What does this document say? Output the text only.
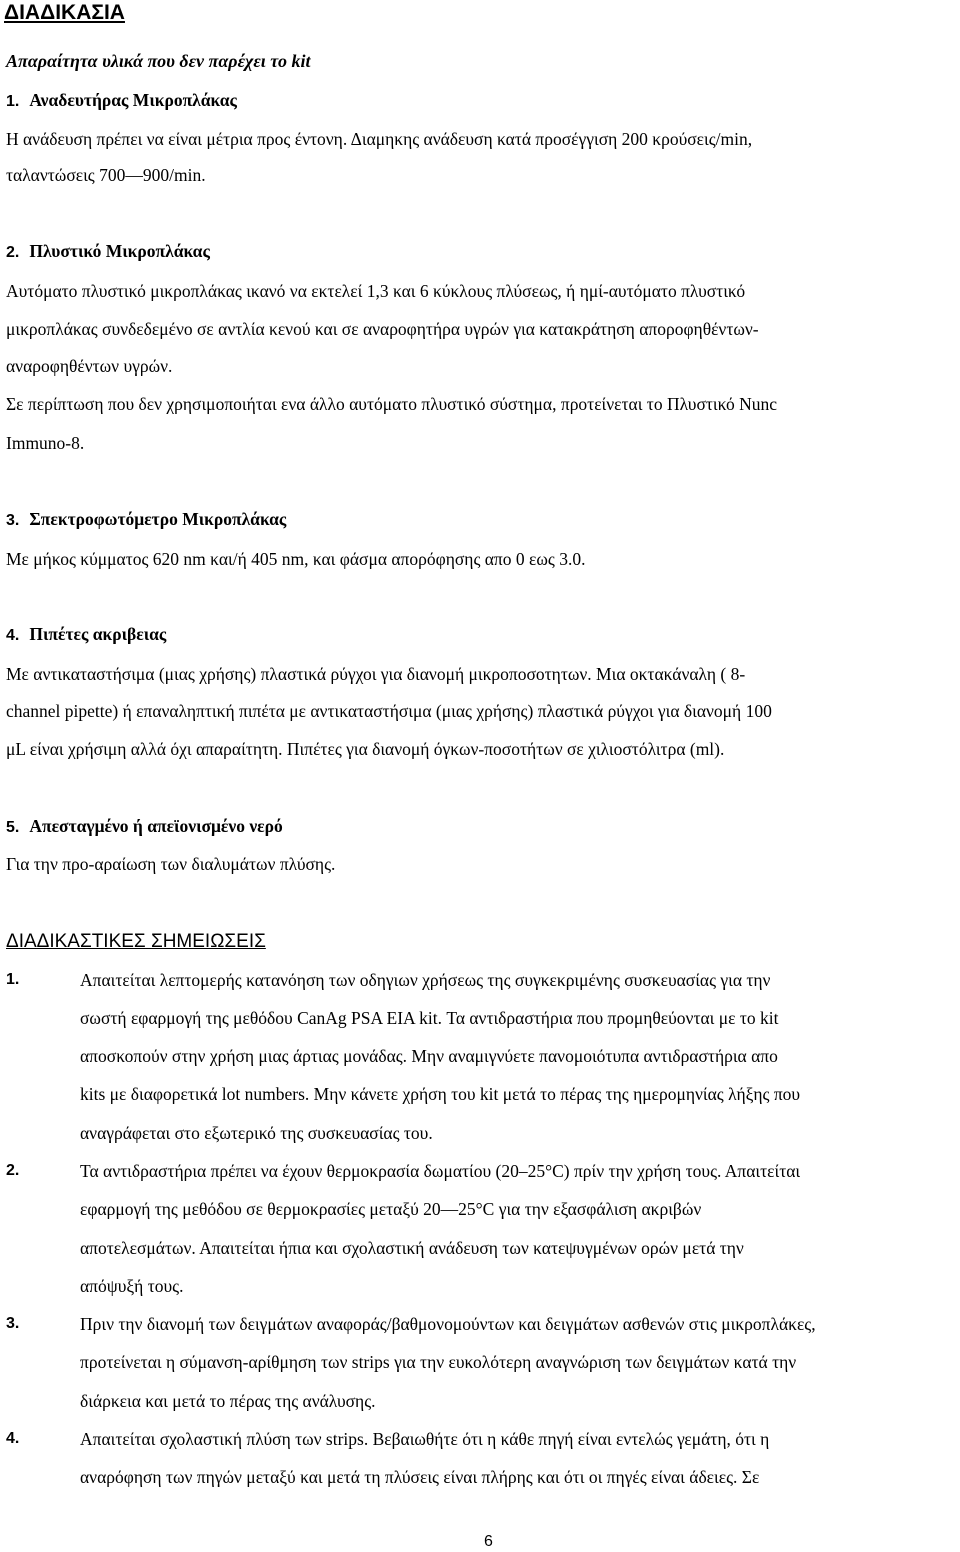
ΔΙΑΔΙΚΑΣΙΑ
Απαραίτητα υλικά που δεν παρέχει το kit
1. Αναδευτήρας Μικροπλάκας
Η ανάδευση πρέπει να είναι μέτρια προς έντονη. Διαμηκης ανάδευση κατά προσέγγιση 200 κρούσεις/min,
ταλαντώσεις 700—900/min.
2. Πλυστικό Μικροπλάκας
Αυτόματο πλυστικό μικροπλάκας ικανό να εκτελεί 1,3 και 6 κύκλους πλύσεως, ή ημί-αυτόματο πλυστικό
μικροπλάκας συνδεδεμένο σε αντλία κενού και σε αναροφητήρα υγρών για κατακράτηση αποροφηθέντων-
αναροφηθέντων υγρών.
Σε περίπτωση που δεν χρησιμοποιήται ενα άλλο αυτόματο πλυστικό σύστημα, προτείνεται το Πλυστικό Nunc
Immuno-8.
3. Σπεκτροφωτόμετρο Μικροπλάκας
Με μήκος κύμματος 620 nm και/ή 405 nm, και φάσμα απορόφησης απο 0 εως 3.0.
4. Πιπέτες ακριβειας
Με αντικαταστήσιμα (μιας χρήσης) πλαστικά ρύγχοι για διανομή μικροποσοτητων. Μια οκτακάναλη ( 8-
channel pipette) ή επαναληπτική πιπέτα με αντικαταστήσιμα (μιας χρήσης) πλαστικά ρύγχοι για διανομή 100
μL είναι χρήσιμη αλλά όχι απαραίτητη. Πιπέτες για διανομή όγκων-ποσοτήτων σε χιλιοστόλιτρα (ml).
5. Απεσταγμένο ή απεϊονισμένο νερό
Για την προ-αραίωση των διαλυμάτων πλύσης.
ΔΙΑΔΙΚΑΣΤΙΚΕΣ ΣΗΜΕΙΩΣΕΙΣ
1.	Απαιτείται λεπτομερής κατανόηση των οδηγιων χρήσεως της συγκεκριμένης συσκευασίας για την
σωστή εφαρμογή της μεθόδου CanAg PSA EIA kit. Τα αντιδραστήρια που προμηθεύονται με το kit
αποσκοπούν στην χρήση μιας άρτιας μονάδας. Μην αναμιγνύετε πανομοιότυπα αντιδραστήρια απο
kits με διαφορετικά lot numbers. Μην κάνετε χρήση του kit μετά το πέρας της ημερομηνίας λήξης που
αναγράφεται στο εξωτερικό της συσκευασίας του.
2.	Τα αντιδραστήρια πρέπει να έχουν θερμοκρασία δωματίου (20–25°C) πρίν την χρήση τους. Απαιτείται
εφαρμογή της μεθόδου σε θερμοκρασίες μεταξύ 20—25°C για την εξασφάλιση ακριβών
αποτελεσμάτων. Απαιτείται ήπια και σχολαστική ανάδευση των κατεψυγμένων ορών μετά την
απόψυξή τους.
3.	Πριν την διανομή των δειγμάτων αναφοράς/βαθμονομούντων και δειγμάτων ασθενών στις μικροπλάκες,
προτείνεται η σύμανση-αρίθμηση των strips για την ευκολότερη αναγνώριση των δειγμάτων κατά την
διάρκεια και μετά το πέρας της ανάλυσης.
4.	Απαιτείται σχολαστική πλύση των strips. Βεβαιωθήτε ότι η κάθε πηγή είναι εντελώς γεμάτη, ότι η
αναρόφηση των πηγών μεταξύ και μετά τη πλύσεις είναι πλήρης και ότι οι πηγές είναι άδειες. Σε
6
